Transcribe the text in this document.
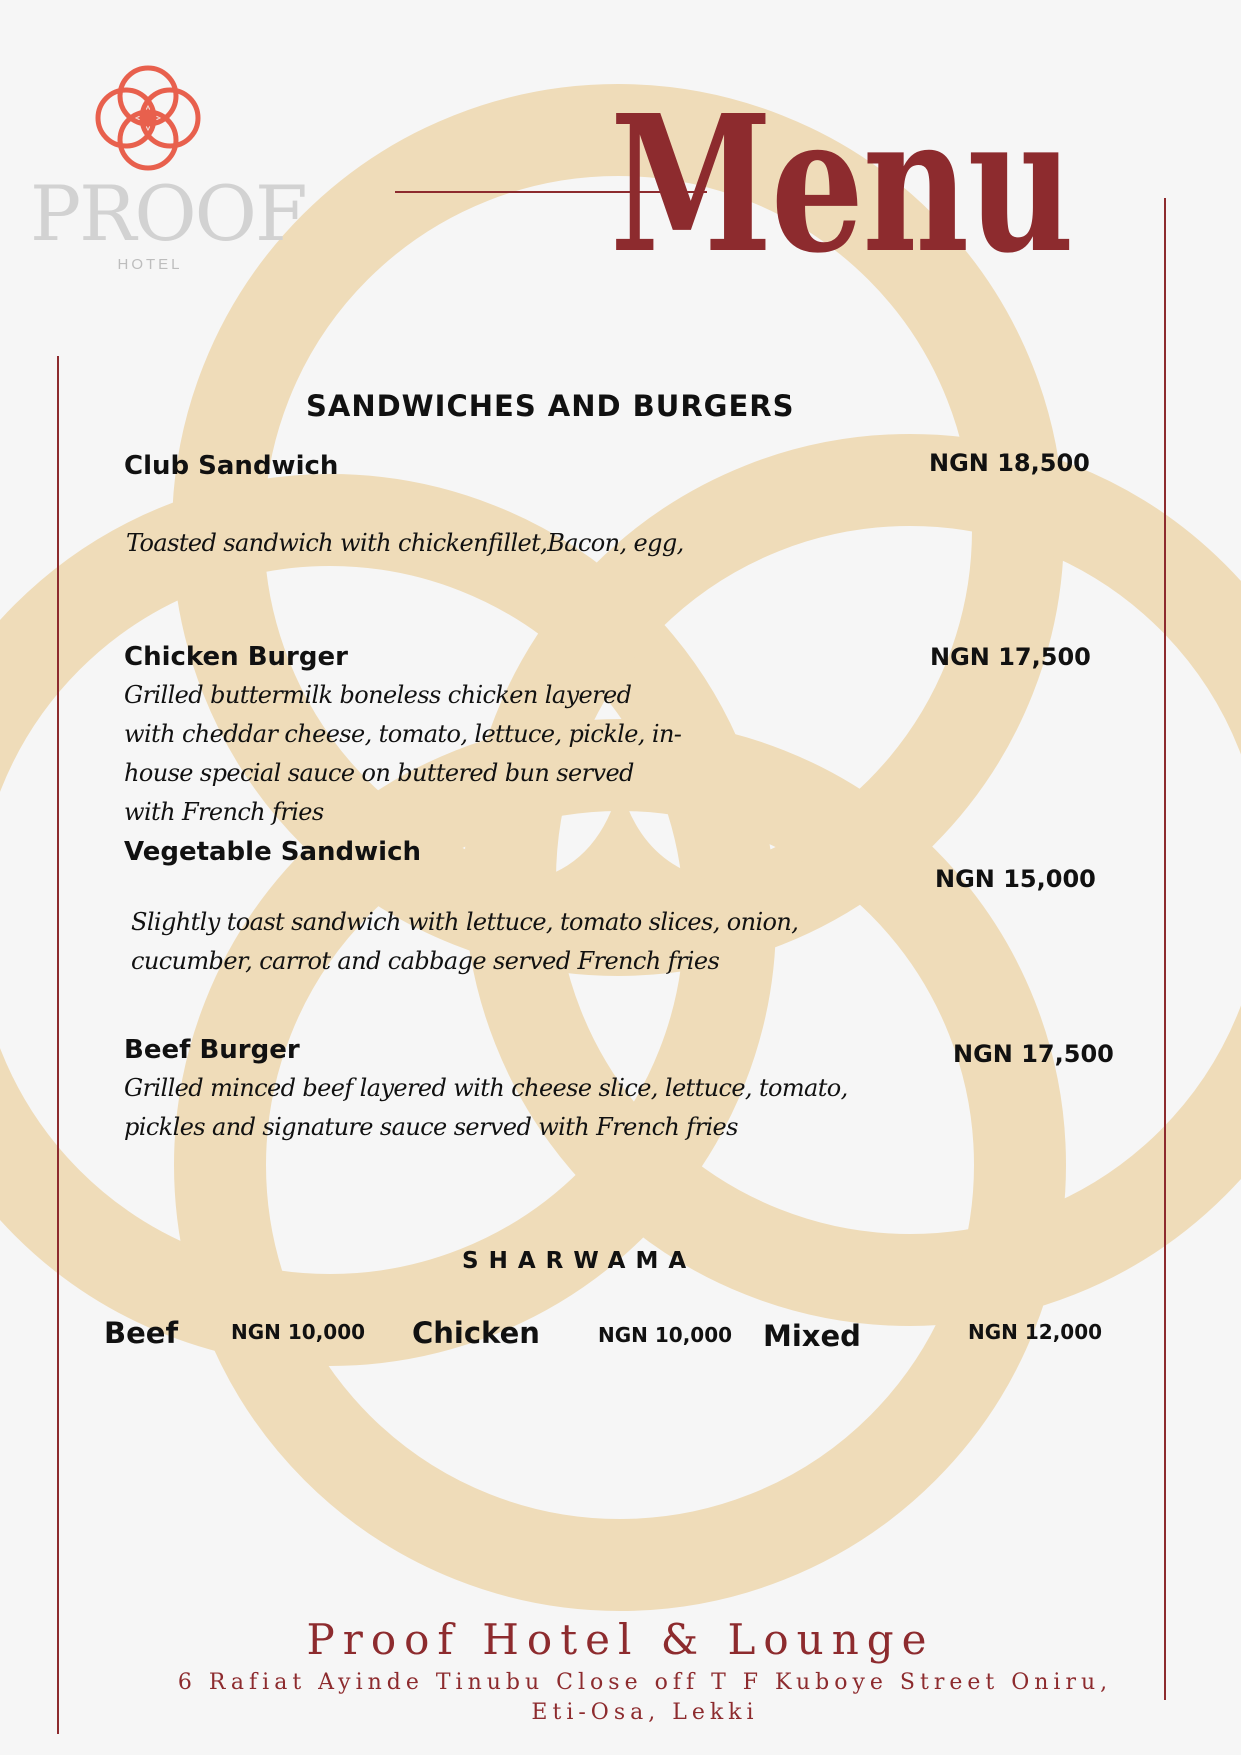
PROOF
HOTEL	Menu
SANDWICHES AND BURGERS
Club Sandwich	NGN 18,500
Toasted sandwich with chickenfillet,Bacon, egg,
Chicken Burger	NGN 17,500
Grilled buttermilk boneless chicken layered with cheddar cheese, tomato, lettuce, pickle, in-house special sauce on buttered bun served with French fries
Vegetable Sandwich
NGN 15,000
Slightly toast sandwich with lettuce, tomato slices, onion, cucumber, carrot and cabbage served French fries
Beef Burger	NGN 17,500
Grilled minced beef layered with cheese slice, lettuce, tomato, pickles and signature sauce served with French fries
SHARWAMA
Beef	NGN 10,000 Chicken	NGN 10,000 Mixed	NGN 12,000
Proof Hotel & Lounge
6 Rafiat Ayinde Tinubu Close off T F Kuboye Street Oniru, Eti-Osa, Lekki
